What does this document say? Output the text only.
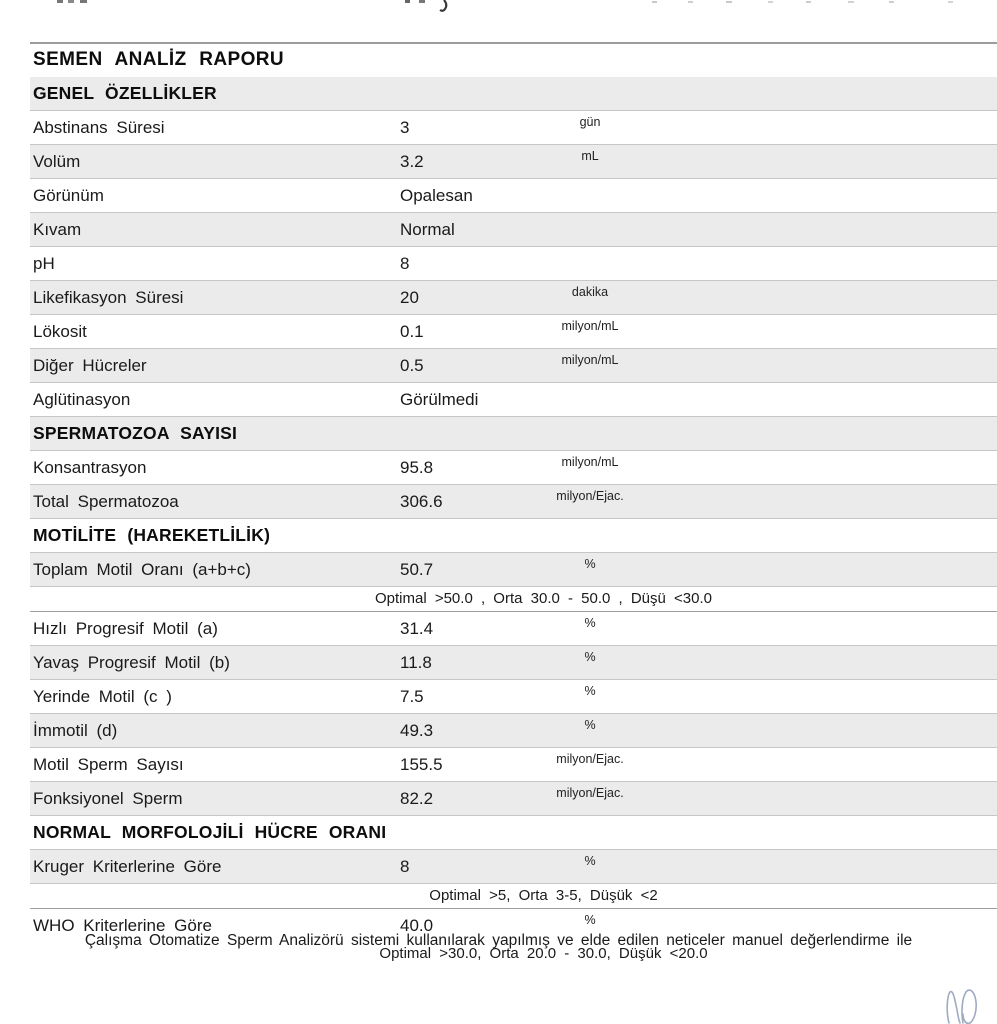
SEMEN ANALİZ RAPORU
GENEL ÖZELLİKLER
Abstinans Süresi	3	gün
Volüm	3.2	mL
Görünüm	Opalesan
Kıvam	Normal
pH	8
Likefikasyon Süresi	20	dakika
Lökosit	0.1	milyon/mL
Diğer Hücreler	0.5	milyon/mL
Aglütinasyon	Görülmedi
SPERMATOZOA SAYISI
Konsantrasyon	95.8	milyon/mL
Total Spermatozoa	306.6	milyon/Ejac.
MOTİLİTE (HAREKETLİLİK)
Toplam Motil Oranı (a+b+c)	50.7	%
Optimal >50.0 , Orta 30.0 - 50.0 , Düşü <30.0
Hızlı Progresif Motil (a)	31.4	%
Yavaş Progresif Motil (b)	11.8	%
Yerinde Motil (c )	7.5	%
İmmotil (d)	49.3	%
Motil Sperm Sayısı	155.5	milyon/Ejac.
Fonksiyonel Sperm	82.2	milyon/Ejac.
NORMAL MORFOLOJİLİ HÜCRE ORANI
Kruger Kriterlerine Göre	8	%
Optimal >5, Orta 3-5, Düşük <2
WHO Kriterlerine Göre	40.0	%
Optimal >30.0, Orta 20.0 - 30.0, Düşük <20.0
Çalışma Otomatize Sperm Analizörü sistemi kullanılarak yapılmış ve elde edilen neticeler manuel değerlendirme ile
